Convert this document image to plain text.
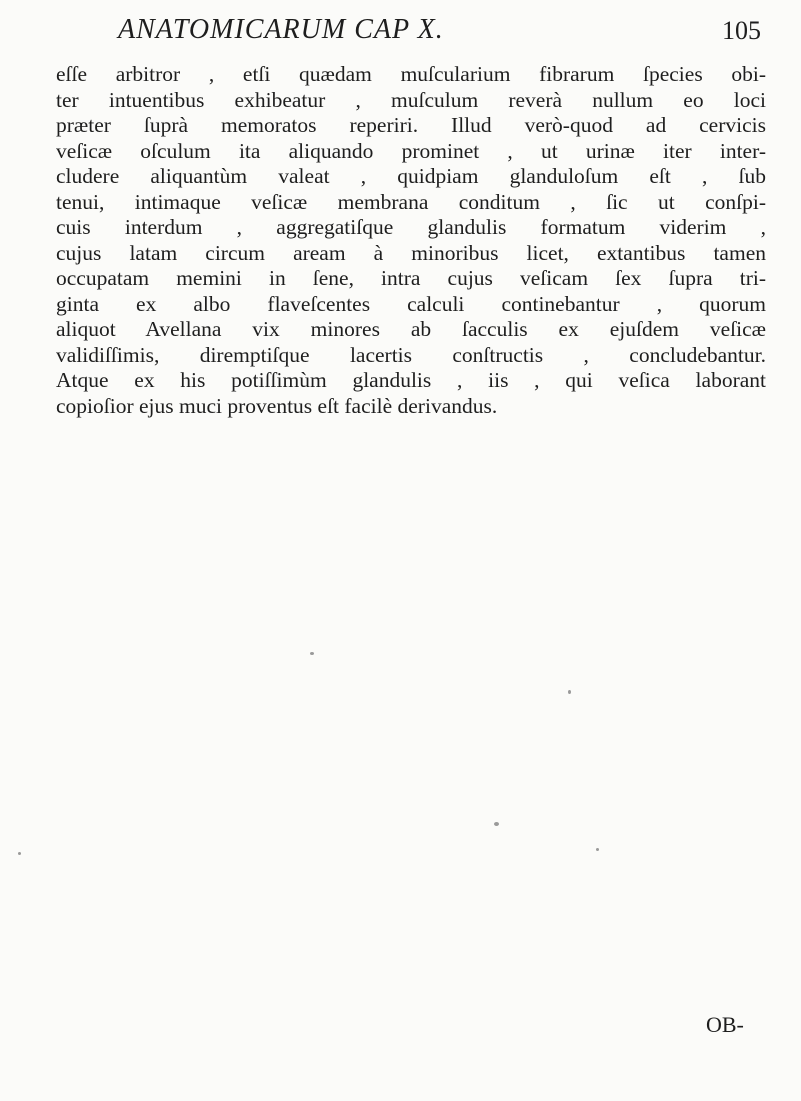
ANATOMICARUM CAP X.	105
eſſe arbitror , etſi quædam muſcularium fibrarum ſpecies obi-
ter intuentibus exhibeatur , muſculum reverà nullum eo loci
præter ſuprà memoratos reperiri. Illud verò-quod ad cervicis
veſicæ oſculum ita aliquando prominet , ut urinæ iter inter-
cludere aliquantùm valeat , quidpiam glanduloſum eſt , ſub
tenui, intimaque veſicæ membrana conditum , ſic ut conſpi-
cuis interdum , aggregatiſque glandulis formatum viderim ,
cujus latam circum aream à minoribus licet, extantibus tamen
occupatam memini in ſene, intra cujus veſicam ſex ſupra tri-
ginta ex albo flaveſcentes calculi continebantur , quorum
aliquot Avellana vix minores ab ſacculis ex ejuſdem veſicæ
validiſſimis, diremptiſque lacertis conſtructis , concludebantur.
Atque ex his potiſſimùm glandulis , iis , qui veſica laborant
copioſior ejus muci proventus eſt facilè derivandus.
OB-
